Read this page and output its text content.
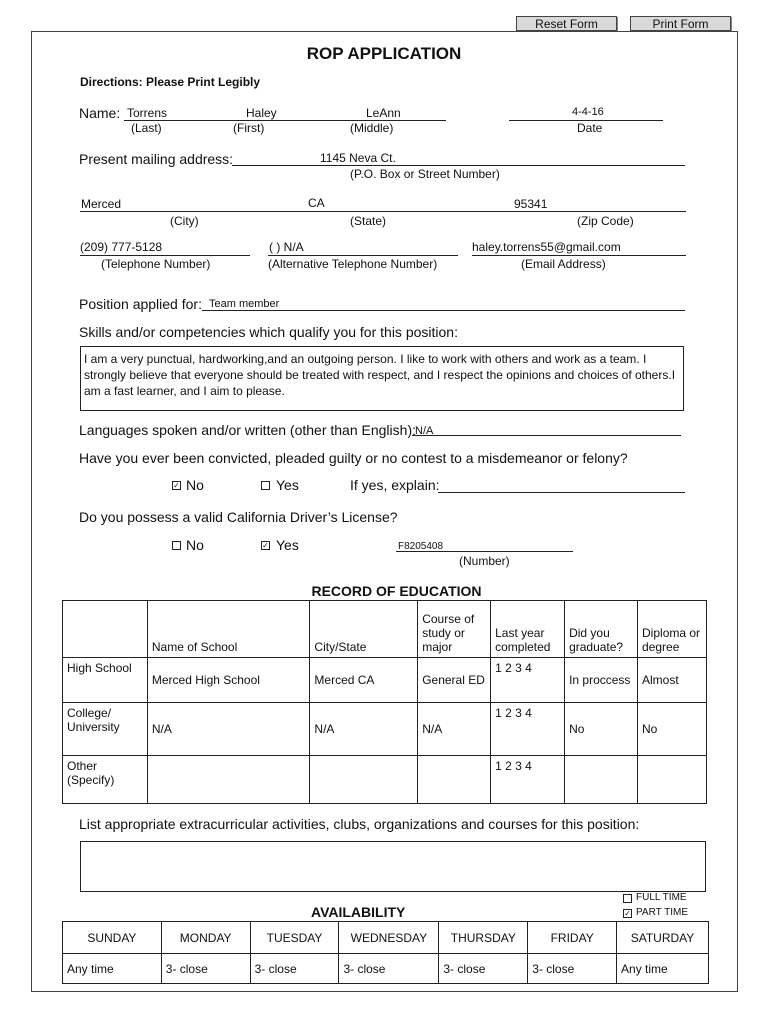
Reset Form	Print Form
ROP APPLICATION
Directions: Please Print Legibly
Name: Torrens	Haley	LeAnn
(Last)	(First)	(Middle)
4-4-16
Date
Present mailing address:	1145 Neva Ct.
(P.O. Box or Street Number)
Merced	CA	95341
(City)	(State)	(Zip Code)
(209) 777-5128	( ) N/A	haley.torrens55@gmail.com
(Telephone Number)	(Alternative Telephone Number)	(Email Address)
Position applied for: Team member
Skills and/or competencies which qualify you for this position:
I am a very punctual, hardworking,and an outgoing person. I like to work with others and work as a team. I strongly believe that everyone should be treated with respect, and I respect the opinions and choices of others.I am a fast learner, and I aim to please.
Languages spoken and/or written (other than English): N/A
Have you ever been convicted, pleaded guilty or no contest to a misdemeanor or felony?
✓ No	Yes	If yes, explain:
Do you possess a valid California Driver’s License?
No	✓ Yes	F8205408
(Number)
RECORD OF EDUCATION
	Name of School	City/State	Course of study or major	Last year completed	Did you graduate?	Diploma or degree
High School	Merced High School	Merced CA	General ED	1 2 3 4	In proccess	Almost
College/ University	N/A	N/A	N/A	1 2 3 4	No	No
Other (Specify)				1 2 3 4		
List appropriate extracurricular activities, clubs, organizations and courses for this position:
FULL TIME
✓ PART TIME
AVAILABILITY
SUNDAY	MONDAY	TUESDAY	WEDNESDAY	THURSDAY	FRIDAY	SATURDAY
Any time	3- close	3- close	3- close	3- close	3- close	Any time
